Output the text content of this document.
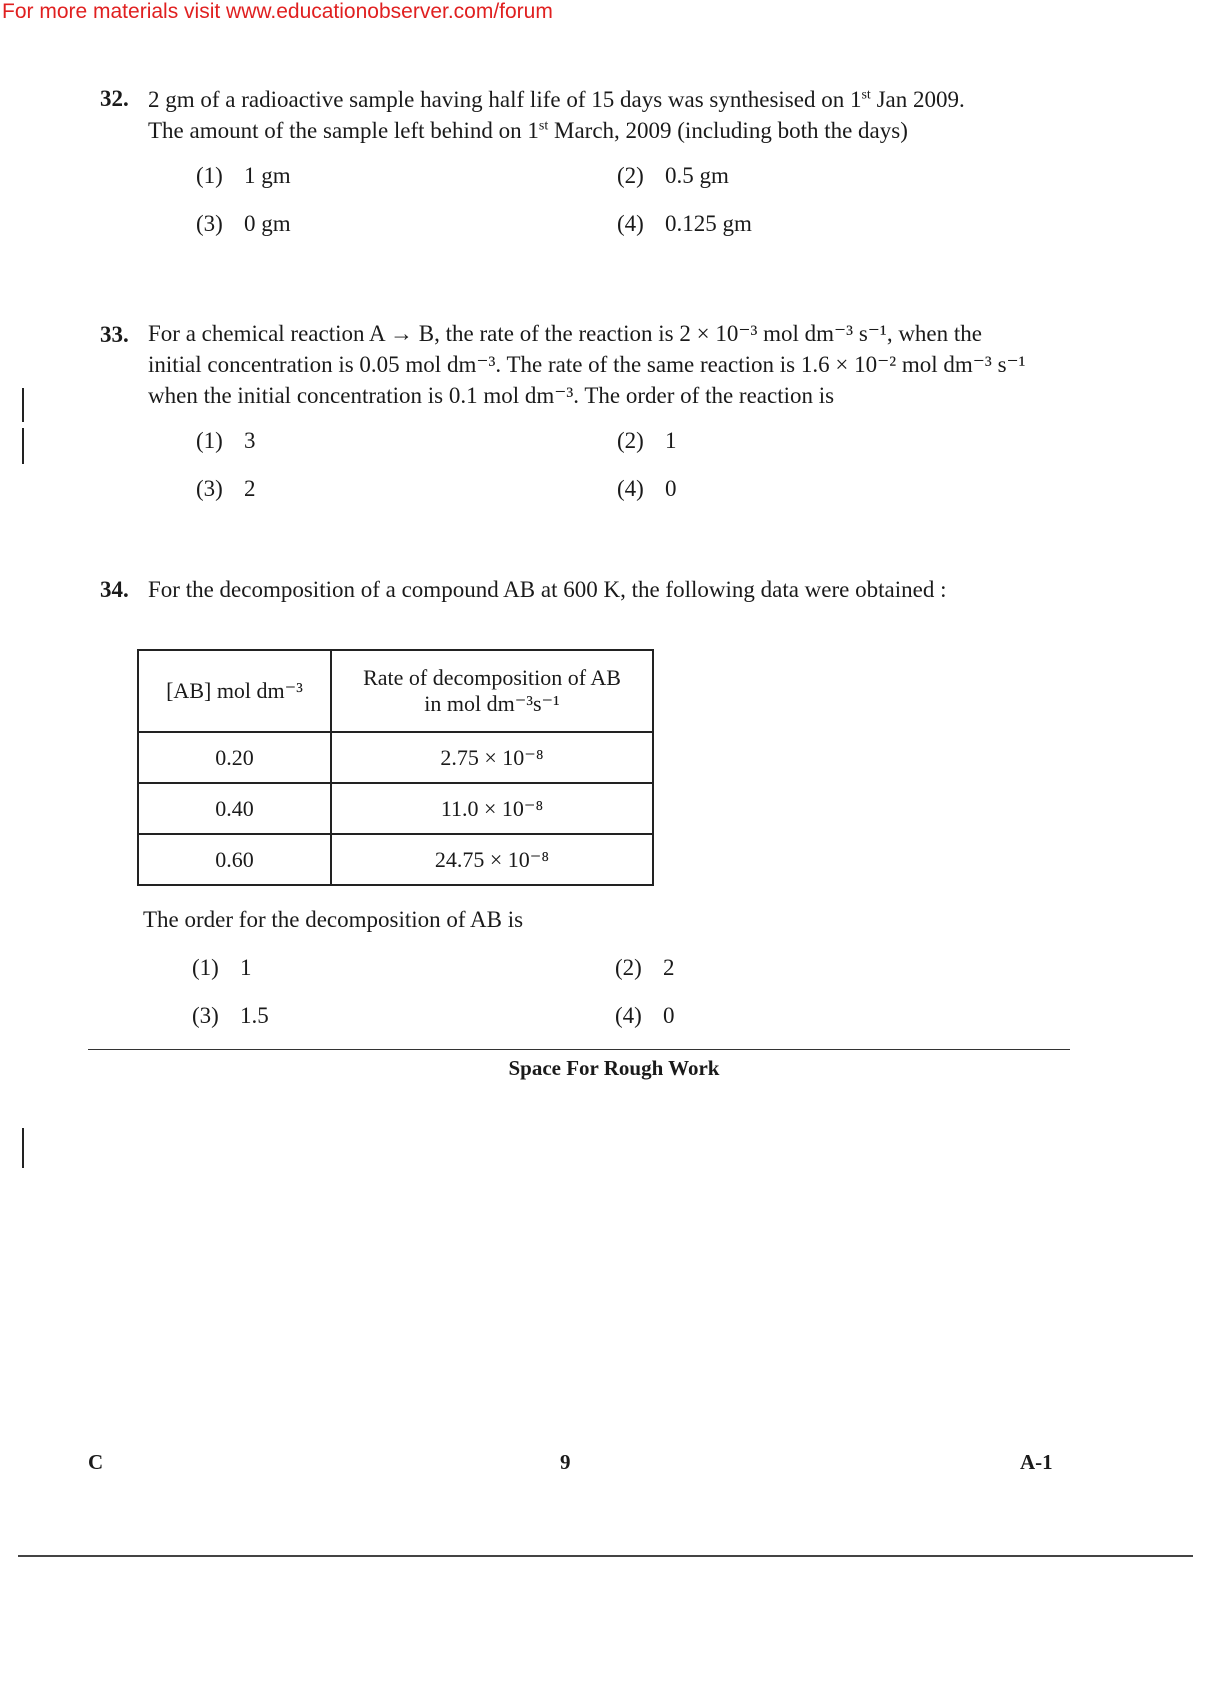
For more materials visit www.educationobserver.com/forum
32. 2 gm of a radioactive sample having half life of 15 days was synthesised on 1st Jan 2009.
The amount of the sample left behind on 1st March, 2009 (including both the days)
(1) 1 gm	(2) 0.5 gm
(3) 0 gm	(4) 0.125 gm
33. For a chemical reaction A → B, the rate of the reaction is 2 × 10⁻³ mol dm⁻³ s⁻¹, when the
initial concentration is 0.05 mol dm⁻³. The rate of the same reaction is 1.6 × 10⁻² mol dm⁻³ s⁻¹
when the initial concentration is 0.1 mol dm⁻³. The order of the reaction is
(1) 3	(2) 1
(3) 2	(4) 0
34. For the decomposition of a compound AB at 600 K, the following data were obtained :
[AB] mol dm⁻³	Rate of decomposition of AB
in mol dm⁻³s⁻¹

0.20	2.75 × 10⁻⁸
0.40	11.0 × 10⁻⁸
0.60	24.75 × 10⁻⁸
The order for the decomposition of AB is
(1) 1	(2) 2
(3) 1.5	(4) 0
Space For Rough Work
C	9	A-1
